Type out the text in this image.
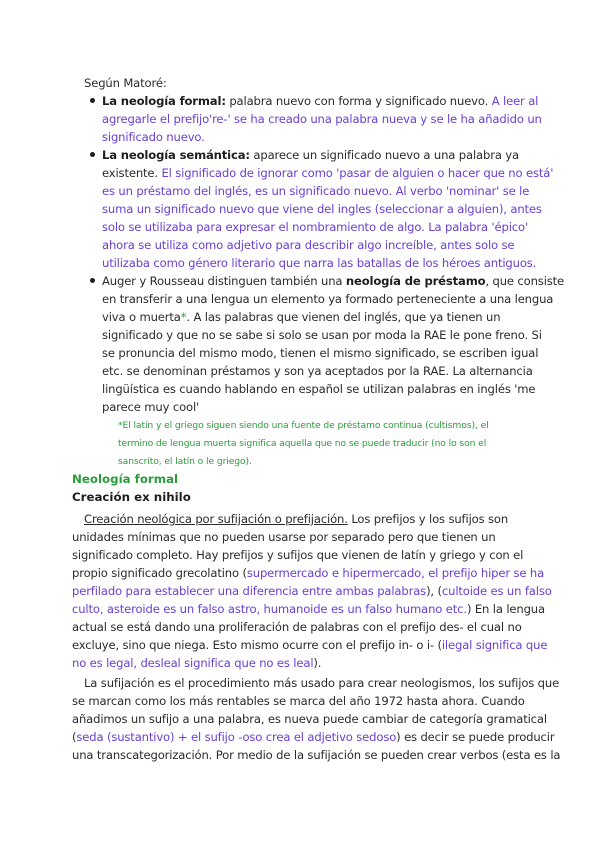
Según Matoré:
La neología formal: palabra nuevo con forma y significado nuevo. A leer al
agregarle el prefijo're-' se ha creado una palabra nueva y se le ha añadido un
significado nuevo.
La neología semántica: aparece un significado nuevo a una palabra ya
existente. El significado de ignorar como 'pasar de alguien o hacer que no está'
es un préstamo del inglés, es un significado nuevo. Al verbo 'nominar' se le
suma un significado nuevo que viene del ingles (seleccionar a alguien), antes
solo se utilizaba para expresar el nombramiento de algo. La palabra 'épico'
ahora se utiliza como adjetivo para describir algo increíble, antes solo se
utilizaba como género literario que narra las batallas de los héroes antiguos.
Auger y Rousseau distinguen también una neología de préstamo, que consiste
en transferir a una lengua un elemento ya formado perteneciente a una lengua
viva o muerta*. A las palabras que vienen del inglés, que ya tienen un
significado y que no se sabe si solo se usan por moda la RAE le pone freno. Si
se pronuncia del mismo modo, tienen el mismo significado, se escriben igual
etc. se denominan préstamos y son ya aceptados por la RAE. La alternancia
lingüística es cuando hablando en español se utilizan palabras en inglés 'me
parece muy cool'
*El latín y el griego siguen siendo una fuente de préstamo continua (cultismos), el
termino de lengua muerta significa aquella que no se puede traducir (no lo son el
sanscrito, el latín o le griego).
Neología formal
Creación ex nihilo
Creación neológica por sufijación o prefijación. Los prefijos y los sufijos son
unidades mínimas que no pueden usarse por separado pero que tienen un
significado completo. Hay prefijos y sufijos que vienen de latín y griego y con el
propio significado grecolatino (supermercado e hipermercado, el prefijo hiper se ha
perfilado para establecer una diferencia entre ambas palabras), (cultoide es un falso
culto, asteroide es un falso astro, humanoide es un falso humano etc.) En la lengua
actual se está dando una proliferación de palabras con el prefijo des- el cual no
excluye, sino que niega. Esto mismo ocurre con el prefijo in- o i- (ilegal significa que
no es legal, desleal significa que no es leal).
La sufijación es el procedimiento más usado para crear neologismos, los sufijos que
se marcan como los más rentables se marca del año 1972 hasta ahora. Cuando
añadimos un sufijo a una palabra, es nueva puede cambiar de categoría gramatical
(seda (sustantivo) + el sufijo -oso crea el adjetivo sedoso) es decir se puede producir
una transcategorización. Por medio de la sufijación se pueden crear verbos (esta es la
